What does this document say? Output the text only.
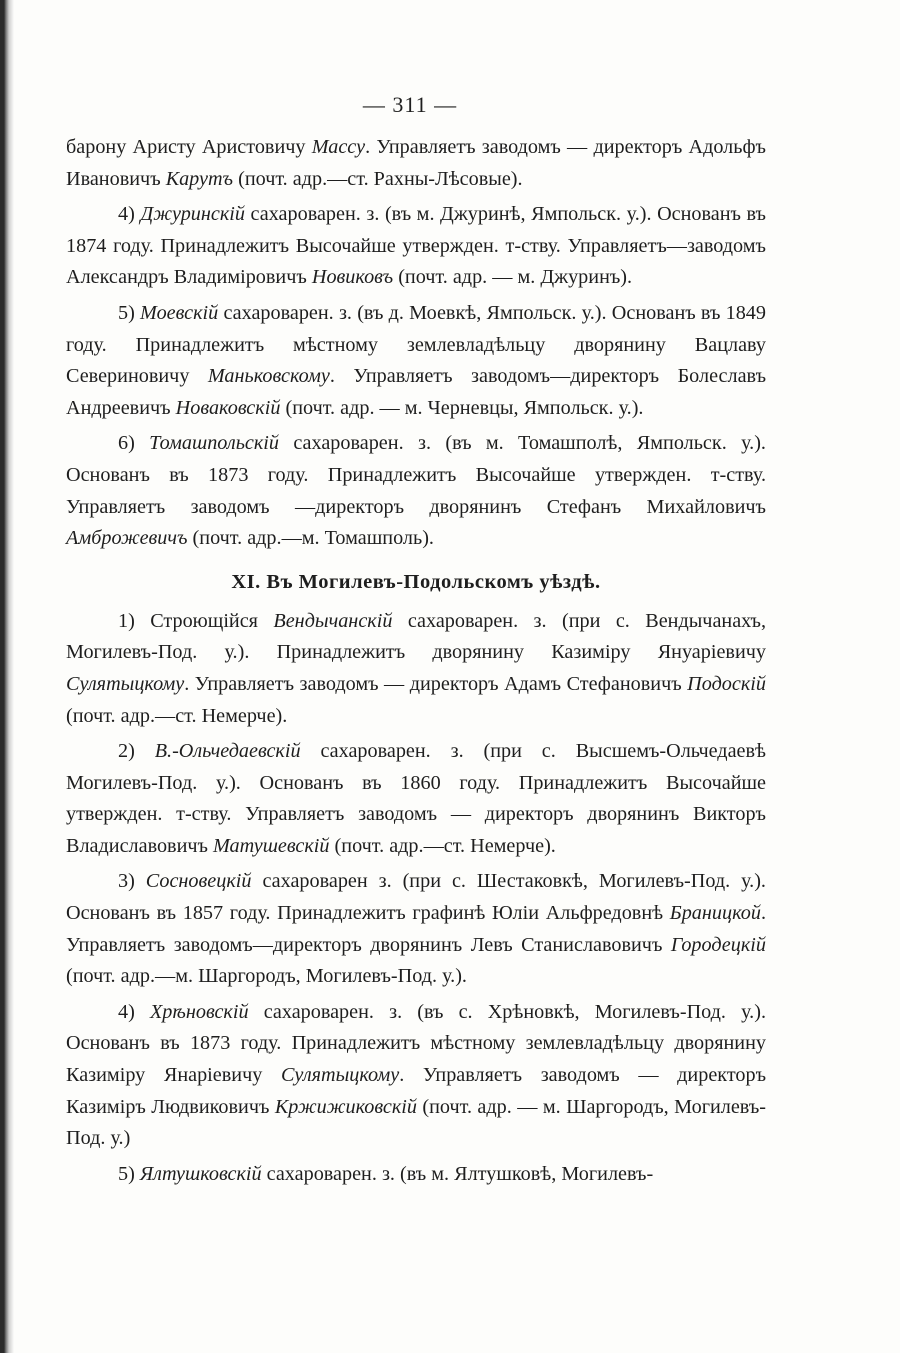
— 311 —

барону Аристу Аристовичу Массу. Управляетъ заводомъ — директоръ Адольфъ Ивановичъ Карутъ (почт. адр.—ст. Рахны-Лѣсовые).

4) Джуринскій сахароварен. з. (въ м. Джуринѣ, Ямпольск. у.). Основанъ въ 1874 году. Принадлежитъ Высочайше утвержден. т-ству. Управляетъ—заводомъ Александръ Владиміровичъ Новиковъ (почт. адр. — м. Джуринъ).

5) Моевскій сахароварен. з. (въ д. Моевкѣ, Ямпольск. у.). Основанъ въ 1849 году. Принадлежитъ мѣстному землевладѣльцу дворянину Вацлаву Севериновичу Маньковскому. Управляетъ заводомъ—директоръ Болеславъ Андреевичъ Новаковскій (почт. адр. — м. Черневцы, Ямпольск. у.).

6) Томашпольскій сахароварен. з. (въ м. Томашполѣ, Ямпольск. у.). Основанъ въ 1873 году. Принадлежитъ Высочайше утвержден. т-ству. Управляетъ заводомъ —директоръ дворянинъ Стефанъ Михайловичъ Амброжевичъ (почт. адр.—м. Томашполь).

XI. Въ Могилевъ-Подольскомъ уѣздѣ.

1) Строющійся Вендычанскій сахароварен. з. (при с. Вендычанахъ, Могилевъ-Под. у.). Принадлежитъ дворянину Казиміру Януаріевичу Сулятыцкому. Управляетъ заводомъ — директоръ Адамъ Стефановичъ Подоскій (почт. адр.—ст. Немерче).

2) В.-Ольчедаевскій сахароварен. з. (при с. Высшемъ-Ольчедаевѣ Могилевъ-Под. у.). Основанъ въ 1860 году. Принадлежитъ Высочайше утвержден. т-ству. Управляетъ заводомъ — директоръ дворянинъ Викторъ Владиславовичъ Матушевскій (почт. адр.—ст. Немерче).

3) Сосновецкій сахароварен з. (при с. Шестаковкѣ, Могилевъ-Под. у.). Основанъ въ 1857 году. Принадлежитъ графинѣ Юліи Альфредовнѣ Браницкой. Управляетъ заводомъ—директоръ дворянинъ Левъ Станиславовичъ Городецкій (почт. адр.—м. Шаргородъ, Могилевъ-Под. у.).

4) Хрѣновскій сахароварен. з. (въ с. Хрѣновкѣ, Могилевъ-Под. у.). Основанъ въ 1873 году. Принадлежитъ мѣстному землевладѣльцу дворянину Казиміру Янаріевичу Сулятыцкому. Управляетъ заводомъ — директоръ Казиміръ Людвиковичъ Кржижиковскій (почт. адр. — м. Шаргородъ, Могилевъ-Под. у.)

5) Ялтушковскій сахароварен. з. (въ м. Ялтушковѣ, Могилевъ-
